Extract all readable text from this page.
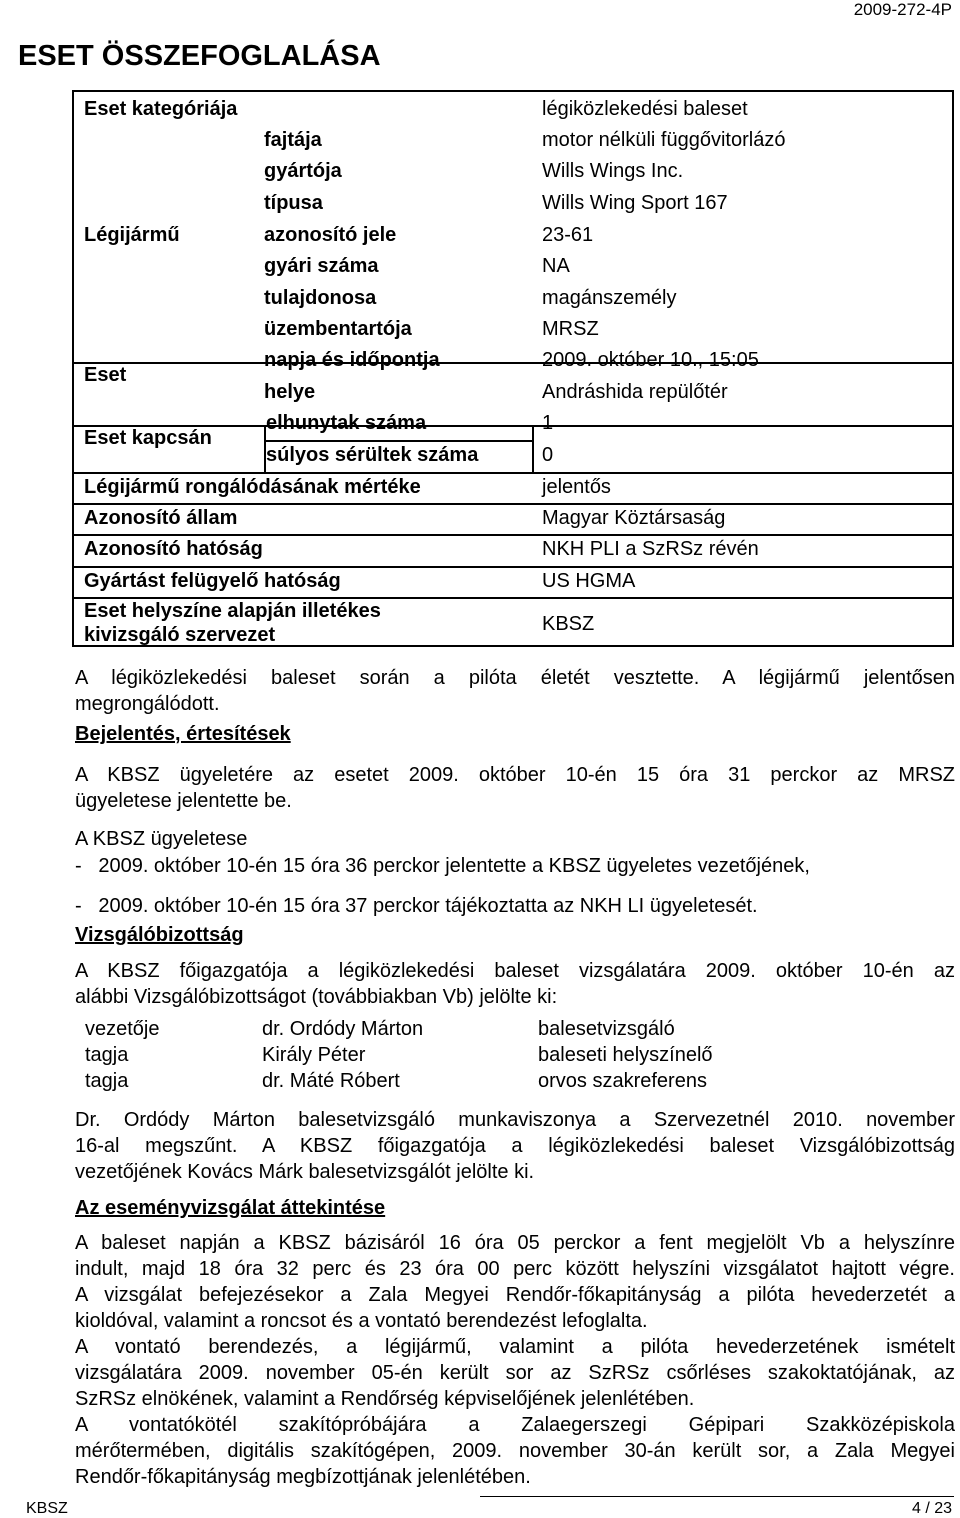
2009-272-4P
ESET ÖSSZEFOGLALÁSA
Eset kategóriája	légiközlekedési baleset
Légijármű
fajtája	motor nélküli függővitorlázó
gyártója	Wills Wings Inc.
típusa	Wills Wing Sport 167
azonosító jele	23-61
gyári száma	NA
tulajdonosa	magánszemély
üzembentartója	MRSZ
Eset
napja és időpontja	2009. október 10., 15:05
helye	Andráshida repülőtér
Eset kapcsán
elhunytak száma	1
súlyos sérültek száma	0
Légijármű rongálódásának mértéke	jelentős
Azonosító állam	Magyar Köztársaság
Azonosító hatóság	NKH PLI a SzRSz révén
Gyártást felügyelő hatóság	US HGMA
Eset helyszíne alapján illetékes
kivizsgáló szervezet	KBSZ

A légiközlekedési baleset során a pilóta életét vesztette. A légijármű jelentősen

megrongálódott.

Bejelentés, értesítések

A KBSZ ügyeletére az esetet 2009. október 10-én 15 óra 31 perckor az MRSZ

ügyeletese jelentette be.

A KBSZ ügyeletese
-   2009. október 10-én 15 óra 36 perckor jelentette a KBSZ ügyeletes vezetőjének,
-   2009. október 10-én 15 óra 37 perckor tájékoztatta az NKH LI ügyeletesét.
Vizsgálóbizottság

A KBSZ főigazgatója a légiközlekedési baleset vizsgálatára 2009. október 10-én az

alábbi Vizsgálóbizottságot (továbbiakban Vb) jelölte ki:

vezetője	dr. Ordódy Márton	balesetvizsgáló
tagja	Király Péter	baleseti helyszínelő
tagja	dr. Máté Róbert	orvos szakreferens

Dr. Ordódy Márton balesetvizsgáló munkaviszonya a Szervezetnél 2010. november

16-al megszűnt. A KBSZ főigazgatója a légiközlekedési baleset Vizsgálóbizottság

vezetőjének Kovács Márk balesetvizsgálót jelölte ki.

Az eseményvizsgálat áttekintése

A baleset napján a KBSZ bázisáról 16 óra 05 perckor a fent megjelölt Vb a helyszínre

indult, majd 18 óra 32 perc és 23 óra 00 perc között helyszíni vizsgálatot hajtott végre.

A vizsgálat befejezésekor a Zala Megyei Rendőr-főkapitányság a pilóta hevederzetét a

kioldóval, valamint a roncsot és a vontató berendezést lefoglalta.

A vontató berendezés, a légijármű, valamint a pilóta hevederzetének ismételt

vizsgálatára 2009. november 05-én került sor az SzRSz csőrléses szakoktatójának, az

SzRSz elnökének, valamint a Rendőrség képviselőjének jelenlétében.

A vontatókötél szakítópróbájára a Zalaegerszegi Gépipari Szakközépiskola

mérőtermében, digitális szakítógépen, 2009. november 30-án került sor, a Zala Megyei

Rendőr-főkapitányság megbízottjának jelenlétében.

KBSZ	4 / 23
